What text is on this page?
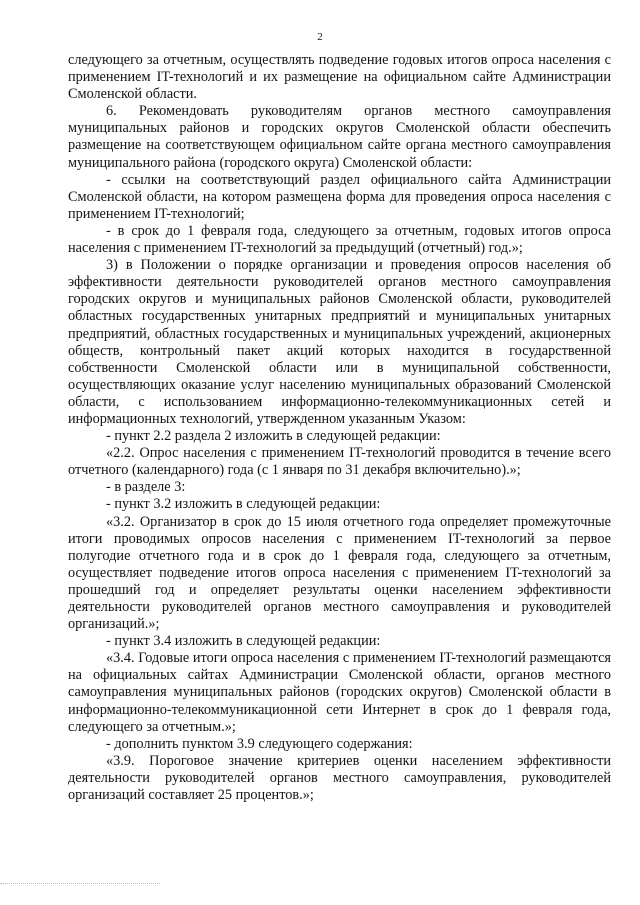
2

следующего за отчетным, осуществлять подведение годовых итогов опроса населения с применением IT-технологий и их размещение на официальном сайте Администрации Смоленской области.

6. Рекомендовать руководителям органов местного самоуправления муниципальных районов и городских округов Смоленской области обеспечить размещение на соответствующем официальном сайте органа местного самоуправления муниципального района (городского округа) Смоленской области:

- ссылки на соответствующий раздел официального сайта Администрации Смоленской области, на котором размещена форма для проведения опроса населения с применением IT-технологий;

- в срок до 1 февраля года, следующего за отчетным, годовых итогов опроса населения с применением IT-технологий за предыдущий (отчетный) год.»;

3) в Положении о порядке организации и проведения опросов населения об эффективности деятельности руководителей органов местного самоуправления городских округов и муниципальных районов Смоленской области, руководителей областных государственных унитарных предприятий и муниципальных унитарных предприятий, областных государственных и муниципальных учреждений, акционерных обществ, контрольный пакет акций которых находится в государственной собственности Смоленской области или в муниципальной собственности, осуществляющих оказание услуг населению муниципальных образований Смоленской области, с использованием информационно-телекоммуникационных сетей и информационных технологий, утвержденном указанным Указом:

- пункт 2.2 раздела 2 изложить в следующей редакции:

«2.2. Опрос населения с применением IT-технологий проводится в течение всего отчетного (календарного) года (с 1 января по 31 декабря включительно).»;

- в разделе 3:

- пункт 3.2 изложить в следующей редакции:

«3.2. Организатор в срок до 15 июля отчетного года определяет промежуточные итоги проводимых опросов населения с применением IT-технологий за первое полугодие отчетного года и в срок до 1 февраля года, следующего за отчетным, осуществляет подведение итогов опроса населения с применением IT-технологий за прошедший год и определяет результаты оценки населением эффективности деятельности руководителей органов местного самоуправления и руководителей организаций.»;

- пункт 3.4 изложить в следующей редакции:

«3.4. Годовые итоги опроса населения с применением IT-технологий размещаются на официальных сайтах Администрации Смоленской области, органов местного самоуправления муниципальных районов (городских округов) Смоленской области в информационно-телекоммуникационной сети Интернет в срок до 1 февраля года, следующего за отчетным.»;

- дополнить пунктом 3.9 следующего содержания:

«3.9. Пороговое значение критериев оценки населением эффективности деятельности руководителей органов местного самоуправления, руководителей организаций составляет 25 процентов.»;
